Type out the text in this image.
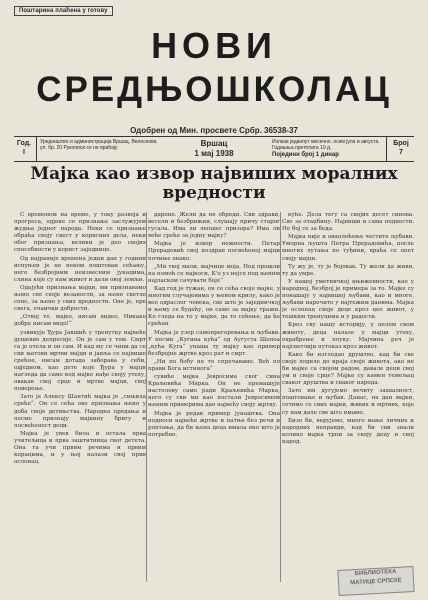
Поштарина плаћена у готову
НОВИ
СРЕДЊОШКОЛАЦ
Одобрен од Мин. просвете Србр. 36538-37
Год.
I
Уредништво и администрација Вршац, Велесеова ул. бр. 20 Рукописи се не враћају	Вршац
1 мај 1938
Излази једанпут месечно, осим јула и августа. Годишња претплата 10 д.
Појединн број 1 динар
Број
7
Мајка као извор највиших моралних
вредности

С временом на време, у току развоја и прогреса, одјеке се признање заслужујем жудња једног народа. Неки се признање обраћа своју свест у корисних дела, неки обог признања, велики је део својих способности у корист заједнице.

Од најраније времена једни дан у години испуњен је не неком поштован сећању, него безбројним неизвесним јунацима, слина које су нам живот и дали овој земљи.

Одајући признања мајци, ми признавамо њоно све своје везаности, за њене светле сене, за њене у свих вредности. Оне је, пре свега, очаички добрости.

„Отвој те, мајко, нисам видео, Никако добре нисам видо!“

узвикује Ђура Јакшић у тренутку највеће душевне депресије. Он је сам у том. Смрт га је отела и он сам. И кад му се чини да се сви његови мртви мајци и јавља се највише срећне, нисам дотада заборава у себи, одједном, као дете које Ђура у мајци нагледа да само код мајке нађе своју утеху, овакав свој срце и мртве мајци, свој поверење.

Зато је Алексу Шантић мајка је „сињила среће“. Он се сећа ове признања њено у доба своје детињства. Народна предања и песме признају мајкину бригу и посвећеност деци.

Мајка је увек била и остала прва учитељица и прва заштитница свог детета. Она га учи првим речима и првим корацима, и у њој налази свој први ослонац.

дароне. Жели да не обреди. Сви здрави, весели и безбрижни, слушају причу старог гусала. Има ли лепшег призора? Има ли веће среће за једну мајку?

Мајка је извор нежности. Петар Прерадовић свој поздрав посвећеној мајци почиње овако:

„Ми твој мали, мајчице моја, Нод прошли на помоћ се најкоси, К'о уз нејсе под њеним најласком сачувати боје“

Кад год је тужан, он се сећа своје мајке, у многим случајевима у њеном крилу, како је вео одраслог човека, све што је заједничкој и њему се будећу, он само за мајку тражи. Ко гледа на то у мајке, да то сећење, да ће срећан

Мајка је узор самопрегоревања и љубави. У песми „Кугина кућа“ од Аугуста Шеноа „кућа Куга“ унаша ту мајку као пример безбројне жртве кроз рат и смрт.

„Ни по бобу не то спречавамо. Већ по прави Бога истинога“

сувиће мајка Јевросима свог сина Краљевића Марка. Он не премашује настолову само ради Краљевића Марка, него су сви ми као постали Јевросимом њеним примерима дао највећу своју жртву.

Мајка је редак пример јунаштва. Она подноси највеће жртве и патње без речи и роптања, да би њена деца имала оно што је потребно.

куће. Дела тегу са својих десет синова. Све за отаџбину. Највиши и сама поднести. Не бој се за беда.

Мајка није и оваплоћење честите љубави. Уморна љушта Петра Прерадовића, после многих лутања по туђини, враћа се опет своју мајци.

Ту жу је, ту је бојовак. Ту жели да живи, ту да умре.

У нашој уметничкој књижевности, као у народној, безброј је примера за то. Мајке су понашају у највишој љубави, као и многе, љубави нарочито у најтежим данима. Мајка је ослонац своје деце кроз цео живот, у тешким тренуцима и у радости.

Кроз сву нашу историју, у целом свом животу, деца налазе у мајци утеху, охрабрење и поуку. Мајчина реч је најсветлији путоказ кроз живот.

Како би изгледао друштво, кад би све своје ходиле до краја своје живота, ако не би мајке са својом радом, давале деци свој ум и своје срце? Мајке су камен темељац сваког друштва и сваког народа.

Зато им дугујемо вечиту захвалност, поштовање и љубав. Данас, на дан мајки, сетимо се свих мајки, живих и мртвих, које су нам дале све што имамо.

Бизо би, верујемо, много мање личних и народних неправди, кад би сви знали колико мајка трпи за своју децу и свој народ.

БИБЛИОТЕКА
МАТИЦЕ СРПСКЕ
